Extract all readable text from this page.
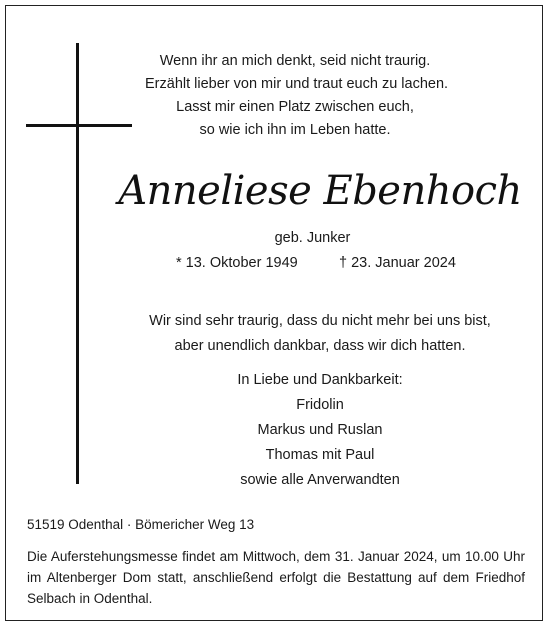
Wenn ihr an mich denkt, seid nicht traurig.
Erzählt lieber von mir und traut euch zu lachen.
Lasst mir einen Platz zwischen euch,
so wie ich ihn im Leben hatte.
Anneliese Ebenhoch
geb. Junker
* 13. Oktober 1949	† 23. Januar 2024
Wir sind sehr traurig, dass du nicht mehr bei uns bist,
aber unendlich dankbar, dass wir dich hatten.
In Liebe und Dankbarkeit:
Fridolin
Markus und Ruslan
Thomas mit Paul
sowie alle Anverwandten
51519 Odenthal · Bömericher Weg 13
Die Auferstehungsmesse findet am Mittwoch, dem 31. Januar 2024, um 10.00 Uhr im Altenberger Dom statt, anschließend erfolgt die Bestattung auf dem Friedhof Selbach in Odenthal.
